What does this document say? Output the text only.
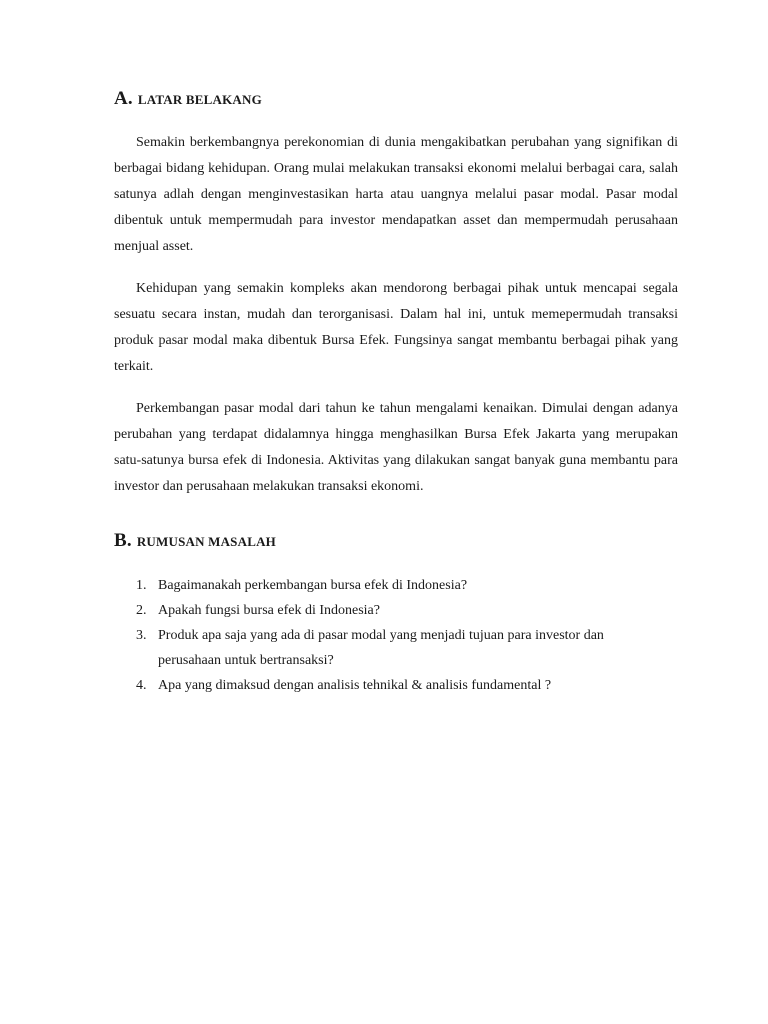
A. LATAR BELAKANG

Semakin berkembangnya perekonomian di dunia mengakibatkan perubahan yang signifikan di berbagai bidang kehidupan. Orang mulai melakukan transaksi ekonomi melalui berbagai cara, salah satunya adlah dengan menginvestasikan harta atau uangnya melalui pasar modal. Pasar modal dibentuk untuk mempermudah para investor mendapatkan asset dan mempermudah perusahaan menjual asset.

Kehidupan yang semakin kompleks akan mendorong berbagai pihak untuk mencapai segala sesuatu secara instan, mudah dan terorganisasi. Dalam hal ini, untuk memepermudah transaksi produk pasar modal maka dibentuk Bursa Efek. Fungsinya sangat membantu berbagai pihak yang terkait.

Perkembangan pasar modal dari tahun ke tahun mengalami kenaikan. Dimulai dengan adanya perubahan yang terdapat didalamnya hingga menghasilkan Bursa Efek Jakarta yang merupakan satu-satunya bursa efek di Indonesia. Aktivitas yang dilakukan sangat banyak guna membantu para investor dan perusahaan melakukan transaksi ekonomi.

B. RUMUSAN MASALAH
1. Bagaimanakah perkembangan bursa efek di Indonesia?
2. Apakah fungsi bursa efek di Indonesia?
3. Produk apa saja yang ada di pasar modal yang menjadi tujuan para investor dan perusahaan untuk bertransaksi?
4. Apa yang dimaksud dengan analisis tehnikal & analisis fundamental ?
